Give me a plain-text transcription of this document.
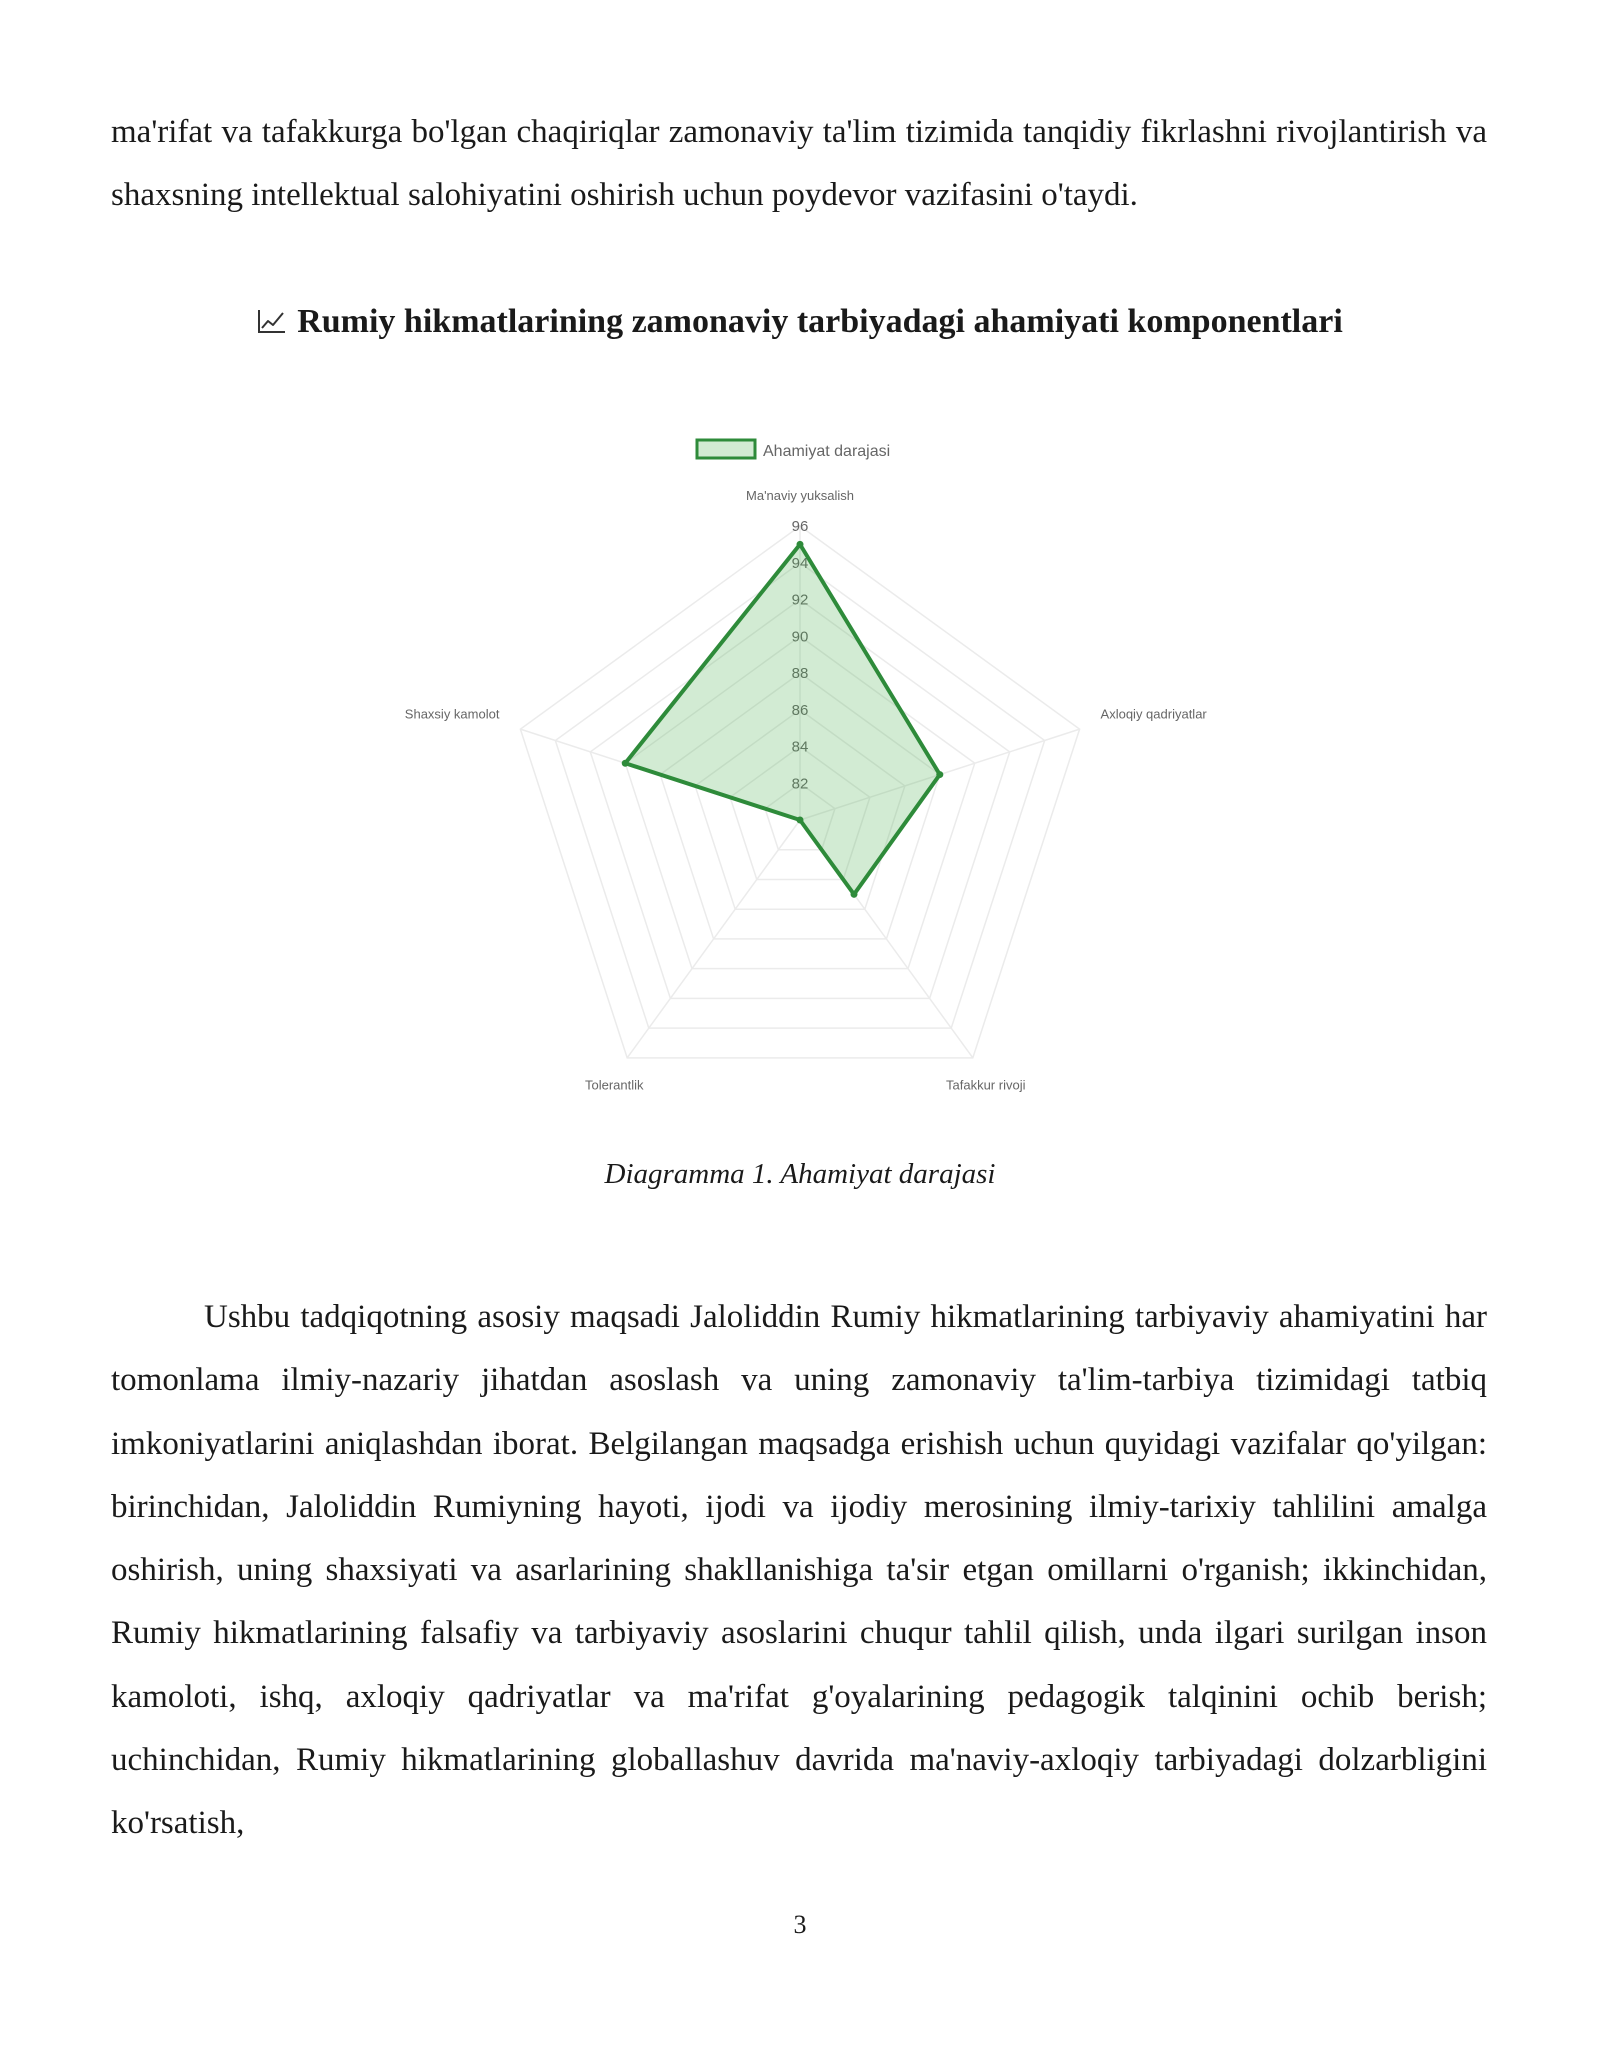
ma'rifat va tafakkurga bo'lgan chaqiriqlar zamonaviy ta'lim tizimida tanqidiy fikrlashni rivojlantirish va shaxsning intellektual salohiyatini oshirish uchun poydevor vazifasini o'taydi.

Rumiy hikmatlarining zamonaviy tarbiyadagi ahamiyati komponentlari
Ahamiyat darajasi
96
Ma'naviy yuksalish
Axloqiy qadriyatlar
Tafakkur rivoji
Tolerantlik
Shaxsiy kamolot
Diagramma 1. Ahamiyat darajasi

Ushbu tadqiqotning asosiy maqsadi Jaloliddin Rumiy hikmatlarining tarbiyaviy ahamiyatini har tomonlama ilmiy-nazariy jihatdan asoslash va uning zamonaviy ta'lim-tarbiya tizimidagi tatbiq imkoniyatlarini aniqlashdan iborat. Belgilangan maqsadga erishish uchun quyidagi vazifalar qo'yilgan: birinchidan, Jaloliddin Rumiyning hayoti, ijodi va ijodiy merosining ilmiy-tarixiy tahlilini amalga oshirish, uning shaxsiyati va asarlarining shakllanishiga ta'sir etgan omillarni o'rganish; ikkinchidan, Rumiy hikmatlarining falsafiy va tarbiyaviy asoslarini chuqur tahlil qilish, unda ilgari surilgan inson kamoloti, ishq, axloqiy qadriyatlar va ma'rifat g'oyalarining pedagogik talqinini ochib berish; uchinchidan, Rumiy hikmatlarining globallashuv davrida ma'naviy-axloqiy tarbiyadagi dolzarbligini ko'rsatish,

3
